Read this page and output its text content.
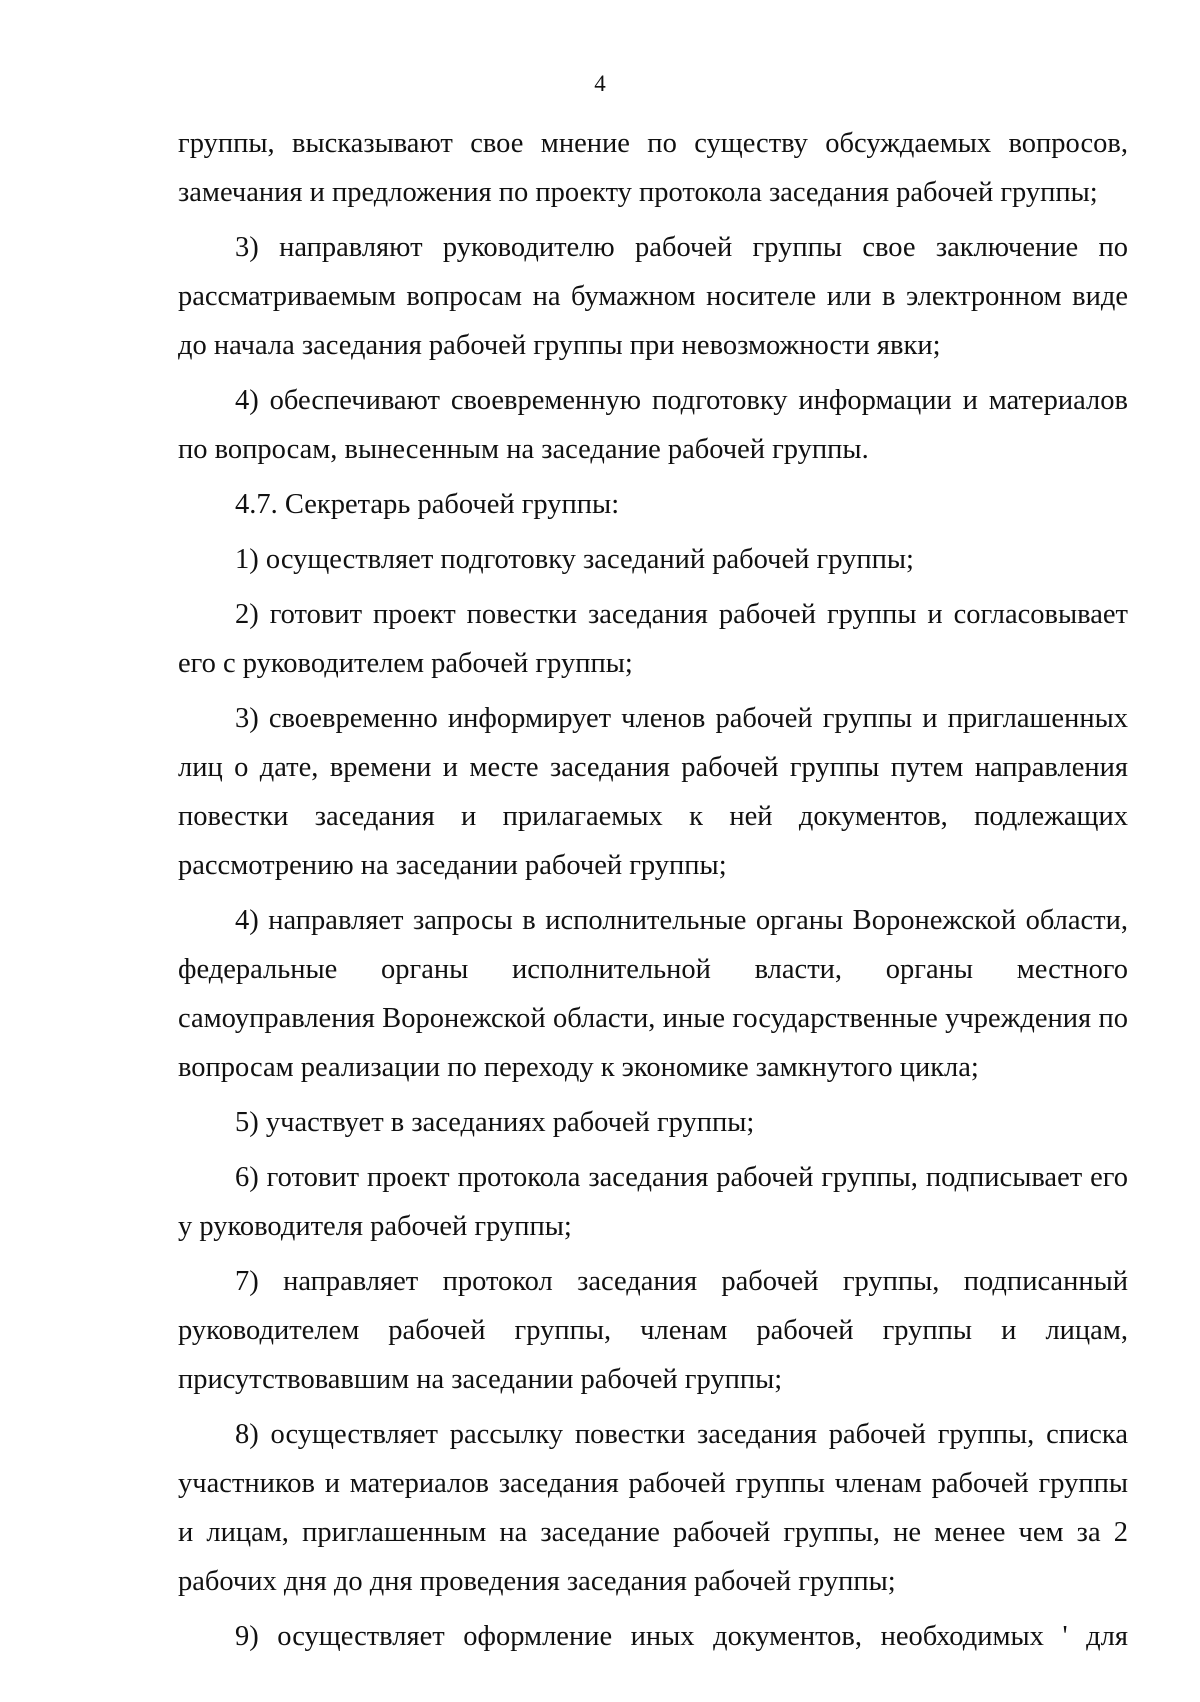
4

группы, высказывают свое мнение по существу обсуждаемых вопросов, замечания и предложения по проекту протокола заседания рабочей группы;

3) направляют руководителю рабочей группы свое заключение по рассматриваемым вопросам на бумажном носителе или в электронном виде до начала заседания рабочей группы при невозможности явки;

4) обеспечивают своевременную подготовку информации и материалов по вопросам, вынесенным на заседание рабочей группы.

4.7. Секретарь рабочей группы:

1) осуществляет подготовку заседаний рабочей группы;

2) готовит проект повестки заседания рабочей группы и согласовывает его с руководителем рабочей группы;

3) своевременно информирует членов рабочей группы и приглашенных лиц о дате, времени и месте заседания рабочей группы путем направления повестки заседания и прилагаемых к ней документов, подлежащих рассмотрению на заседании рабочей группы;

4) направляет запросы в исполнительные органы Воронежской области, федеральные органы исполнительной власти, органы местного самоуправления Воронежской области, иные государственные учреждения по вопросам реализации по переходу к экономике замкнутого цикла;

5) участвует в заседаниях рабочей группы;

6) готовит проект протокола заседания рабочей группы, подписывает его у руководителя рабочей группы;

7) направляет протокол заседания рабочей группы, подписанный руководителем рабочей группы, членам рабочей группы и лицам, присутствовавшим на заседании рабочей группы;

8) осуществляет рассылку повестки заседания рабочей группы, списка участников и материалов заседания рабочей группы членам рабочей группы и лицам, приглашенным на заседание рабочей группы, не менее чем за 2 рабочих дня до дня проведения заседания рабочей группы;

9) осуществляет оформление иных документов, необходимых ' для
